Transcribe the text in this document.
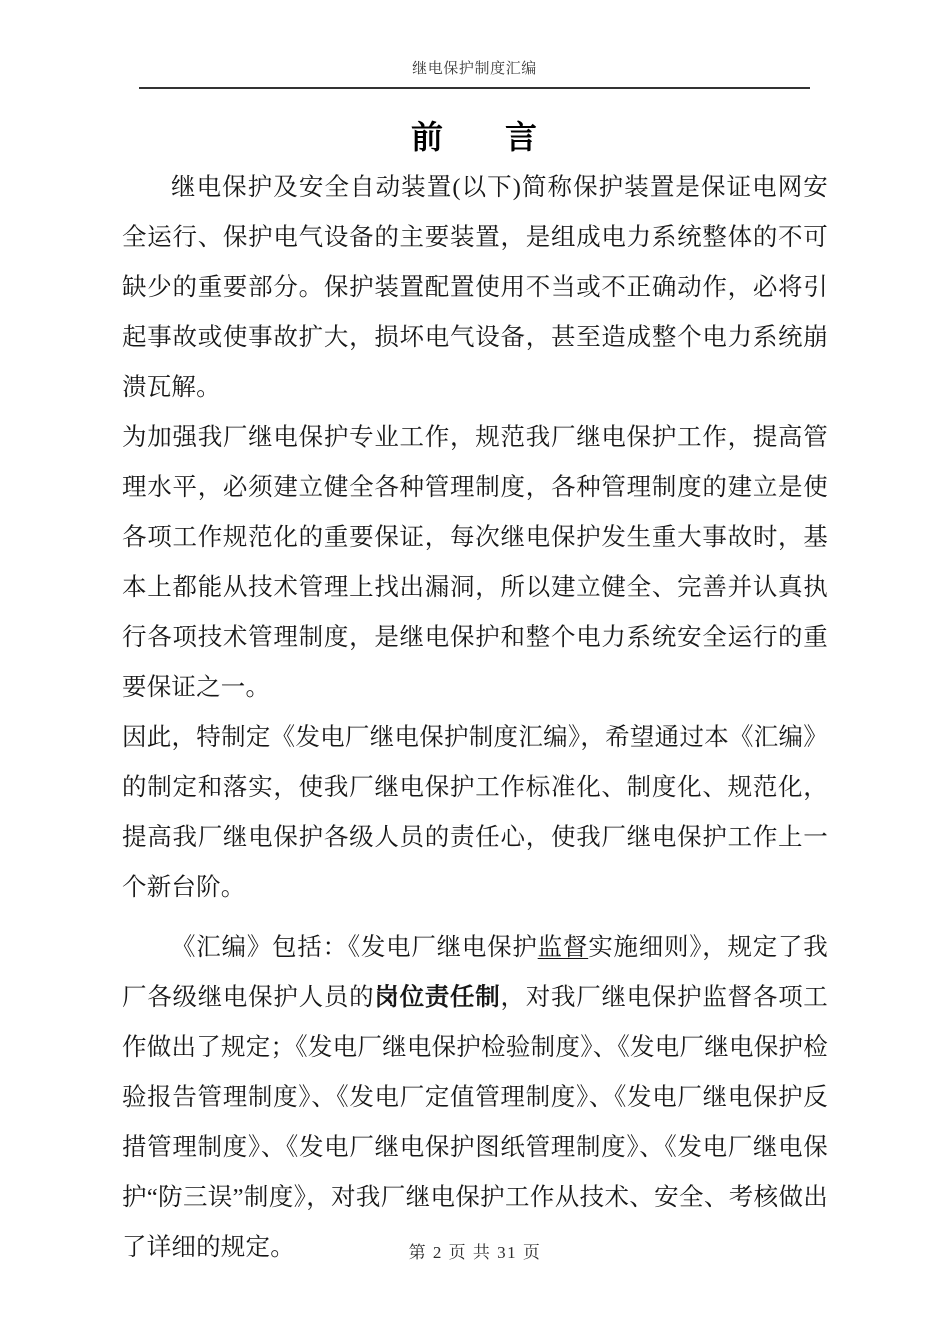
继电保护制度汇编
前      言

继电保护及安全自动装置(以下)简称保护装置是保证电网安全运行、保护电气设备的主要装置，是组成电力系统整体的不可缺少的重要部分。保护装置配置使用不当或不正确动作，必将引起事故或使事故扩大，损坏电气设备，甚至造成整个电力系统崩溃瓦解。

为加强我厂继电保护专业工作，规范我厂继电保护工作，提高管理水平，必须建立健全各种管理制度，各种管理制度的建立是使各项工作规范化的重要保证，每次继电保护发生重大事故时，基本上都能从技术管理上找出漏洞，所以建立健全、完善并认真执行各项技术管理制度，是继电保护和整个电力系统安全运行的重要保证之一。

因此，特制定《发电厂继电保护制度汇编》，希望通过本《汇编》的制定和落实，使我厂继电保护工作标准化、制度化、规范化，提高我厂继电保护各级人员的责任心，使我厂继电保护工作上一个新台阶。

《汇编》包括：《发电厂继电保护监督实施细则》，规定了我厂各级继电保护人员的岗位责任制，对我厂继电保护监督各项工作做出了规定；《发电厂继电保护检验制度》、《发电厂继电保护检验报告管理制度》、《发电厂定值管理制度》、《发电厂继电保护反措管理制度》、《发电厂继电保护图纸管理制度》、《发电厂继电保护“防三误”制度》，对我厂继电保护工作从技术、安全、考核做出了详细的规定。	第 2 页 共 31 页
